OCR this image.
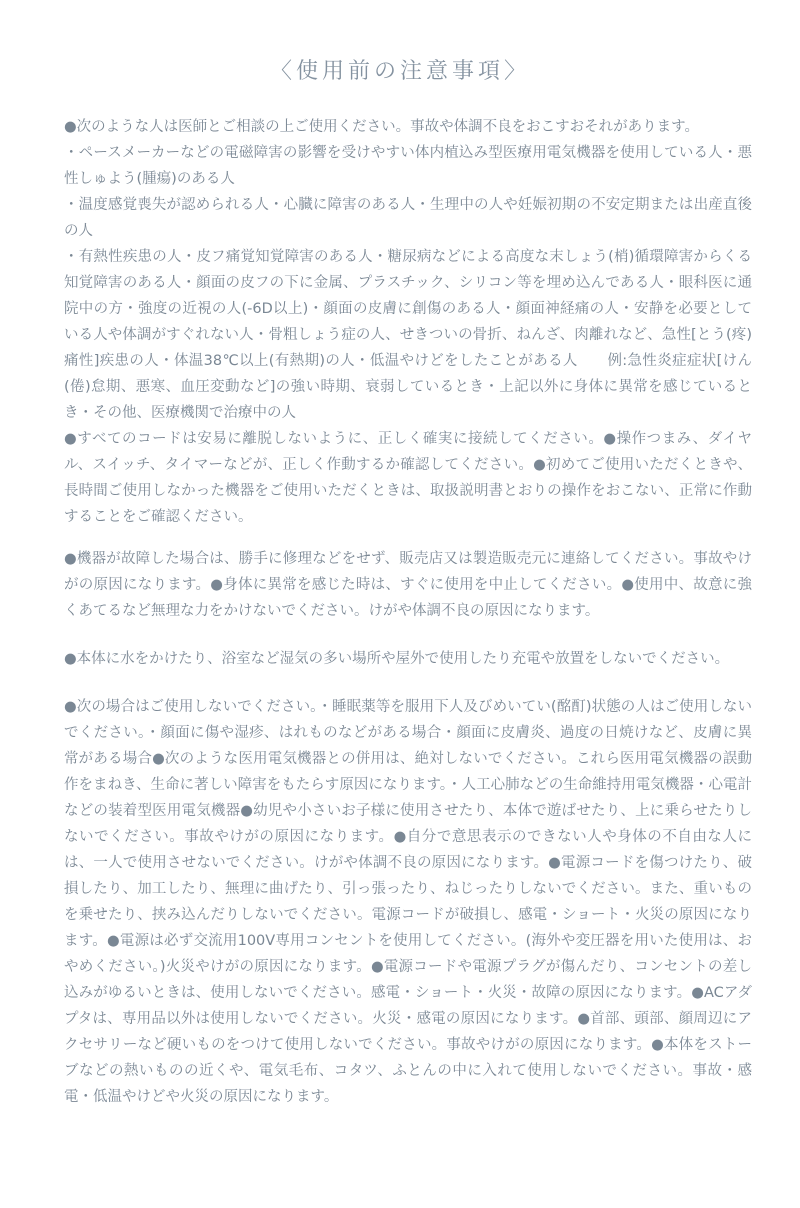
〈使用前の注意事項〉

●次のような人は医師とご相談の上ご使用ください。事故や体調不良をおこすおそれがあります。

・ペースメーカーなどの電磁障害の影響を受けやすい体内植込み型医療用電気機器を使用している人・悪性しゅよう(腫瘍)のある人

・温度感覚喪失が認められる人・心臓に障害のある人・生理中の人や妊娠初期の不安定期または出産直後の人

・有熱性疾患の人・皮フ痛覚知覚障害のある人・糖尿病などによる高度な末しょう(梢)循環障害からくる知覚障害のある人・顔面の皮フの下に金属、プラスチック、シリコン等を埋め込んである人・眼科医に通院中の方・強度の近視の人(-6D以上)・顔面の皮膚に創傷のある人・顔面神経痛の人・安静を必要としている人や体調がすぐれない人・骨粗しょう症の人、せきついの骨折、ねんざ、肉離れなど、急性[とう(疼)痛性]疾患の人・体温38℃以上(有熱期)の人・低温やけどをしたことがある人　　例:急性炎症症状[けん(倦)怠期、悪寒、血圧変動など]の強い時期、衰弱しているとき・上記以外に身体に異常を感じているとき・その他、医療機関で治療中の人

●すべてのコードは安易に離脱しないように、正しく確実に接続してください。●操作つまみ、ダイヤル、スイッチ、タイマーなどが、正しく作動するか確認してください。●初めてご使用いただくときや、長時間ご使用しなかった機器をご使用いただくときは、取扱説明書とおりの操作をおこない、正常に作動することをご確認ください。

●機器が故障した場合は、勝手に修理などをせず、販売店又は製造販売元に連絡してください。事故やけがの原因になります。●身体に異常を感じた時は、すぐに使用を中止してください。●使用中、故意に強くあてるなど無理な力をかけないでください。けがや体調不良の原因になります。

●本体に水をかけたり、浴室など湿気の多い場所や屋外で使用したり充電や放置をしないでください。

●次の場合はご使用しないでください。・睡眠薬等を服用下人及びめいてい(酩酊)状態の人はご使用しないでください。・顔面に傷や湿疹、はれものなどがある場合・顔面に皮膚炎、過度の日焼けなど、皮膚に異常がある場合●次のような医用電気機器との併用は、絶対しないでください。これら医用電気機器の誤動作をまねき、生命に著しい障害をもたらす原因になります。・人工心肺などの生命維持用電気機器・心電計などの装着型医用電気機器●幼児や小さいお子様に使用させたり、本体で遊ばせたり、上に乗らせたりしないでください。事故やけがの原因になります。●自分で意思表示のできない人や身体の不自由な人には、一人で使用させないでください。けがや体調不良の原因になります。●電源コードを傷つけたり、破損したり、加工したり、無理に曲げたり、引っ張ったり、ねじったりしないでください。また、重いものを乗せたり、挟み込んだりしないでください。電源コードが破損し、感電・ショート・火災の原因になります。●電源は必ず交流用100V専用コンセントを使用してください。(海外や変圧器を用いた使用は、おやめください。)火災やけがの原因になります。●電源コードや電源プラグが傷んだり、コンセントの差し込みがゆるいときは、使用しないでください。感電・ショート・火災・故障の原因になります。●ACアダプタは、専用品以外は使用しないでください。火災・感電の原因になります。●首部、頭部、顔周辺にアクセサリーなど硬いものをつけて使用しないでください。事故やけがの原因になります。●本体をストーブなどの熱いものの近くや、電気毛布、コタツ、ふとんの中に入れて使用しないでください。事故・感電・低温やけどや火災の原因になります。
